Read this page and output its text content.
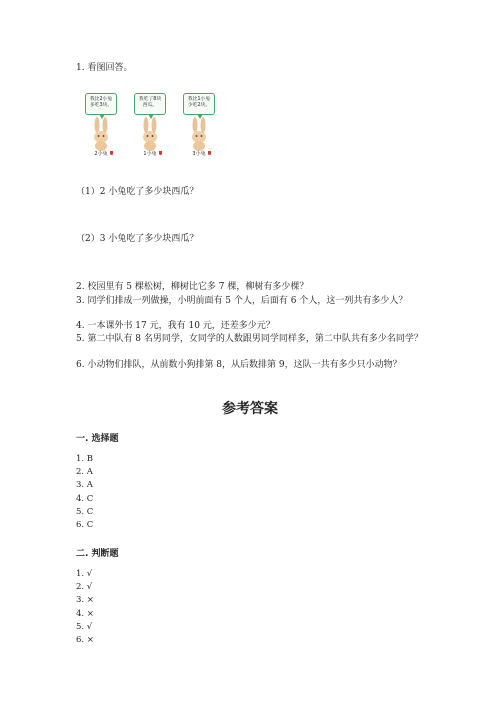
1. 看图回答。
我比2小兔
多吃3块。
2小兔
我吃了8块
西瓜。
1小兔
我比1小兔
少吃2块。
3小兔
（1）2 小兔吃了多少块西瓜？
（2）3 小兔吃了多少块西瓜？
2. 校园里有 5 棵松树，柳树比它多 7 棵，柳树有多少棵？
3. 同学们排成一列做操，小明前面有 5 个人，后面有 6 个人，这一列共有多少人？
4. 一本课外书 17 元，我有 10 元，还差多少元？
5. 第二中队有 8 名男同学，女同学的人数跟男同学同样多，第二中队共有多少名同学？
6. 小动物们排队，从前数小狗排第 8，从后数排第 9，这队一共有多少只小动物？
参考答案
一. 选择题
1. B
2. A
3. A
4. C
5. C
6. C
二. 判断题
1. √
2. √
3. ×
4. ×
5. √
6. ×
